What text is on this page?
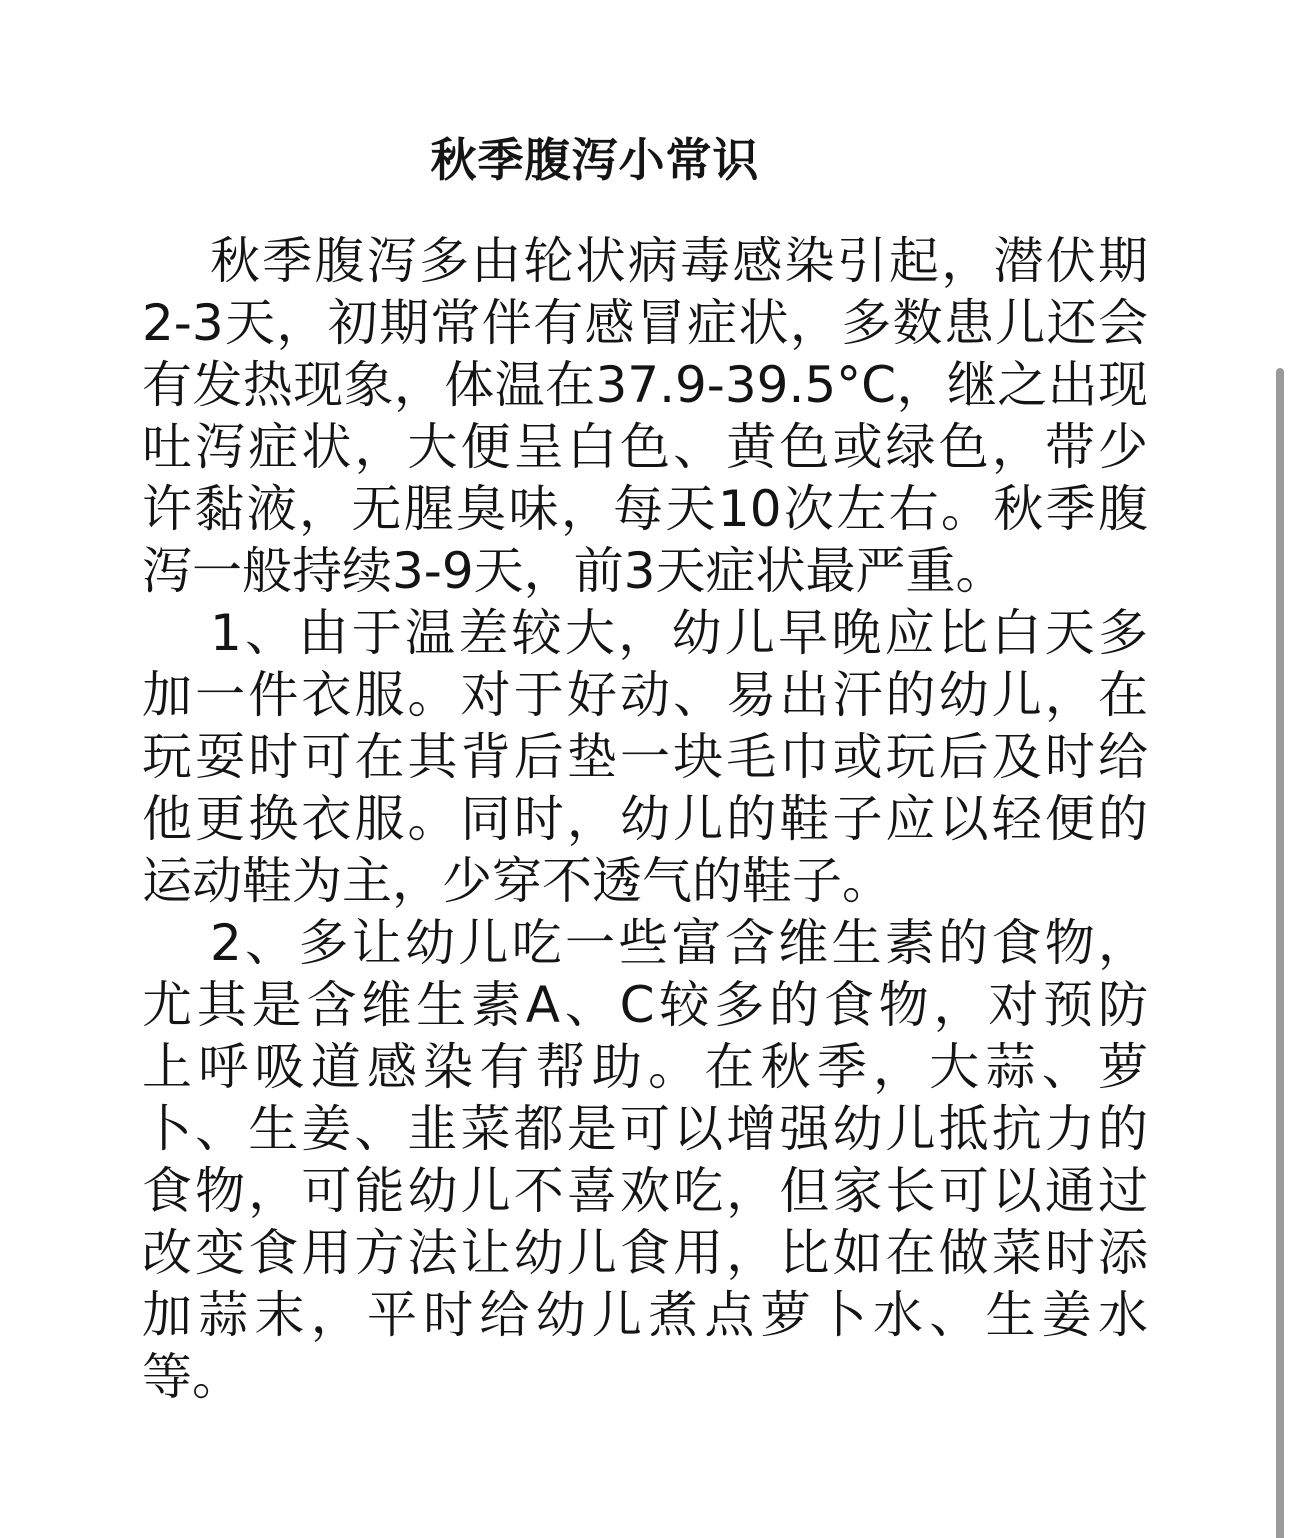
秋季腹泻小常识
秋季腹泻多由轮状病毒感染引起，潜伏期
2-3天，初期常伴有感冒症状，多数患儿还会
有发热现象，体温在37.9-39.5°C，继之出现
吐泻症状，大便呈白色、黄色或绿色，带少
许黏液，无腥臭味，每天10次左右。秋季腹
泻一般持续3-9天，前3天症状最严重。
1、由于温差较大，幼儿早晚应比白天多
加一件衣服。对于好动、易出汗的幼儿，在
玩耍时可在其背后垫一块毛巾或玩后及时给
他更换衣服。同时，幼儿的鞋子应以轻便的
运动鞋为主，少穿不透气的鞋子。
2、多让幼儿吃一些富含维生素的食物，
尤其是含维生素A、C较多的食物，对预防
上呼吸道感染有帮助。在秋季，大蒜、萝
卜、生姜、韭菜都是可以增强幼儿抵抗力的
食物，可能幼儿不喜欢吃，但家长可以通过
改变食用方法让幼儿食用，比如在做菜时添
加蒜末，平时给幼儿煮点萝卜水、生姜水
等。
